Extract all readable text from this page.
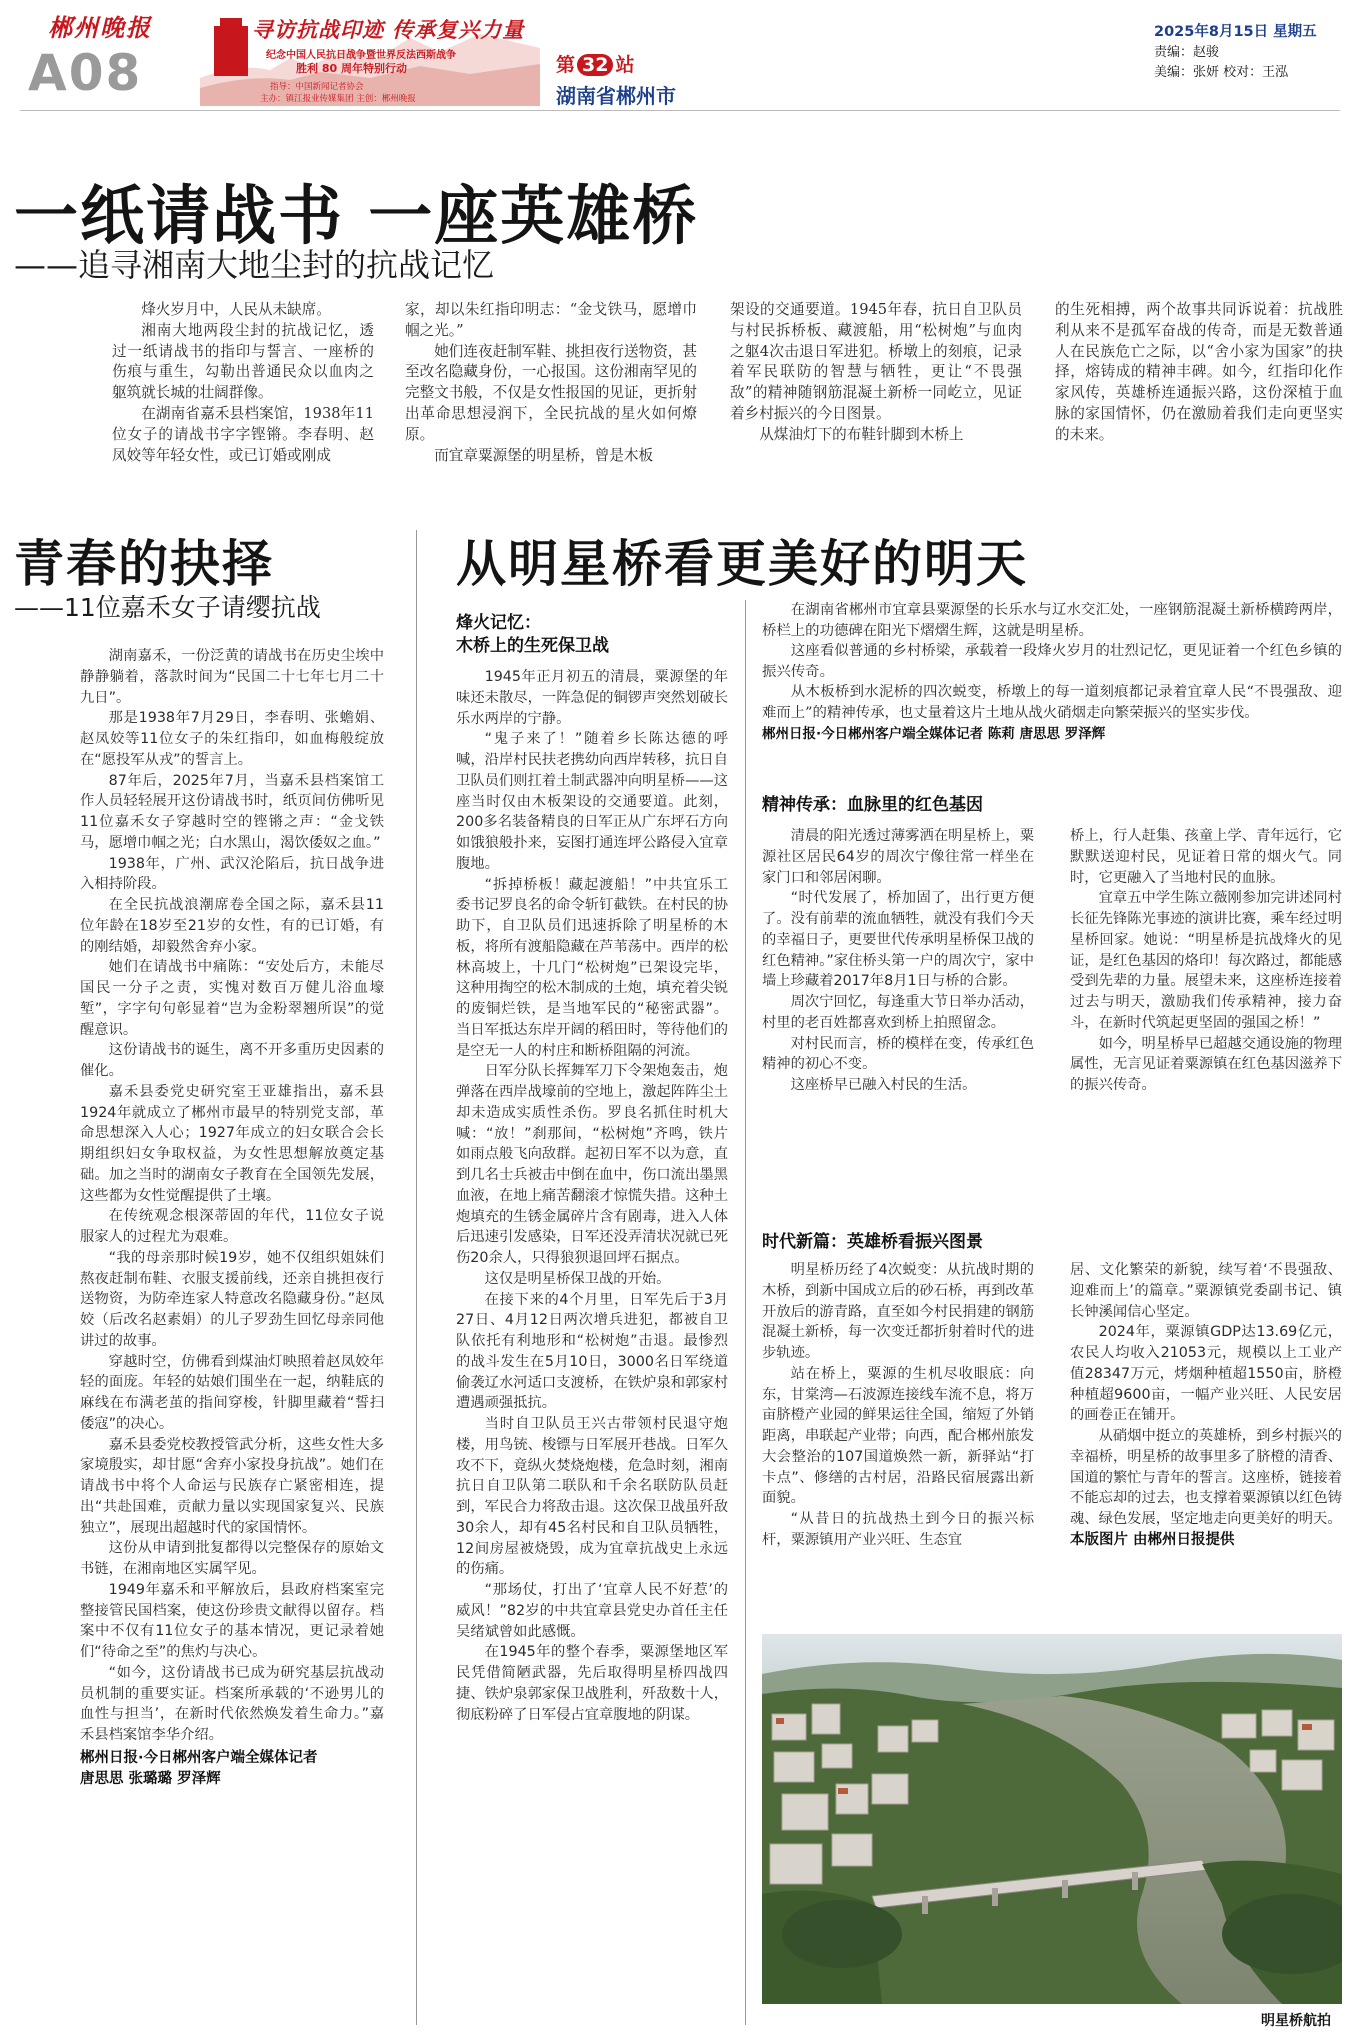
郴州晚报
A08
寻访抗战印迹 传承复兴力量
纪念中国人民抗日战争暨世界反法西斯战争
胜利 80 周年特别行动
指导：中国新闻记者协会
主办：镇江报业传媒集团 主创：郴州晚报
第 32 站
湖南省郴州市
2025年8月15日 星期五
责编：赵骏
美编：张妍 校对：王泓
一纸请战书 一座英雄桥
——追寻湘南大地尘封的抗战记忆

烽火岁月中，人民从未缺席。

湘南大地两段尘封的抗战记忆，透过一纸请战书的指印与誓言、一座桥的伤痕与重生，勾勒出普通民众以血肉之躯筑就长城的壮阔群像。

在湖南省嘉禾县档案馆，1938年11位女子的请战书字字铿锵。李春明、赵凤姣等年轻女性，或已订婚或刚成

家，却以朱红指印明志：“金戈铁马，愿增巾帼之光。”

她们连夜赶制军鞋、挑担夜行送物资，甚至改名隐藏身份，一心报国。这份湘南罕见的完整文书般，不仅是女性报国的见证，更折射出革命思想浸润下，全民抗战的星火如何燎原。

而宜章粟源堡的明星桥，曾是木板

架设的交通要道。1945年春，抗日自卫队员与村民拆桥板、藏渡船，用“松树炮”与血肉之躯4次击退日军进犯。桥墩上的刻痕，记录着军民联防的智慧与牺牲，更让“不畏强敌”的精神随钢筋混凝土新桥一同屹立，见证着乡村振兴的今日图景。

从煤油灯下的布鞋针脚到木桥上

的生死相搏，两个故事共同诉说着：抗战胜利从来不是孤军奋战的传奇，而是无数普通人在民族危亡之际，以“舍小家为国家”的抉择，熔铸成的精神丰碑。如今，红指印化作家风传，英雄桥连通振兴路，这份深植于血脉的家国情怀，仍在激励着我们走向更坚实的未来。

青春的抉择
——11位嘉禾女子请缨抗战

湖南嘉禾，一份泛黄的请战书在历史尘埃中静静躺着，落款时间为“民国二十七年七月二十九日”。

那是1938年7月29日，李春明、张蟾娟、赵凤姣等11位女子的朱红指印，如血梅般绽放在“愿投军从戎”的誓言上。

87年后，2025年7月，当嘉禾县档案馆工作人员轻轻展开这份请战书时，纸页间仿佛听见11位嘉禾女子穿越时空的铿锵之声：“金戈铁马，愿增巾帼之光；白水黑山，渴饮倭奴之血。”

1938年，广州、武汉沦陷后，抗日战争进入相持阶段。

在全民抗战浪潮席卷全国之际，嘉禾县11位年龄在18岁至21岁的女性，有的已订婚，有的刚结婚，却毅然舍弃小家。

她们在请战书中痛陈：“安处后方，未能尽国民一分子之责，实愧对数百万健儿浴血壕堑”，字字句句彰显着“岂为金粉翠翘所误”的觉醒意识。

这份请战书的诞生，离不开多重历史因素的催化。

嘉禾县委党史研究室王亚雄指出，嘉禾县1924年就成立了郴州市最早的特别党支部，革命思想深入人心；1927年成立的妇女联合会长期组织妇女争取权益，为女性思想解放奠定基础。加之当时的湖南女子教育在全国领先发展，这些都为女性觉醒提供了土壤。

在传统观念根深蒂固的年代，11位女子说服家人的过程尤为艰难。

“我的母亲那时候19岁，她不仅组织姐妹们熬夜赶制布鞋、衣服支援前线，还亲自挑担夜行送物资，为防牵连家人特意改名隐藏身份。”赵凤姣（后改名赵素娟）的儿子罗劲生回忆母亲同他讲过的故事。

穿越时空，仿佛看到煤油灯映照着赵凤姣年轻的面庞。年轻的姑娘们围坐在一起，纳鞋底的麻线在布满老茧的指间穿梭，针脚里藏着“誓扫倭寇”的决心。

嘉禾县委党校教授管武分析，这些女性大多家境殷实，却甘愿“舍弃小家投身抗战”。她们在请战书中将个人命运与民族存亡紧密相连，提出“共赴国难，贡献力量以实现国家复兴、民族独立”，展现出超越时代的家国情怀。

这份从申请到批复都得以完整保存的原始文书链，在湘南地区实属罕见。

1949年嘉禾和平解放后，县政府档案室完整接管民国档案，使这份珍贵文献得以留存。档案中不仅有11位女子的基本情况，更记录着她们“待命之至”的焦灼与决心。

“如今，这份请战书已成为研究基层抗战动员机制的重要实证。档案所承载的‘不逊男儿的血性与担当’，在新时代依然焕发着生命力。”嘉禾县档案馆李华介绍。

郴州日报·今日郴州客户端全媒体记者

唐思思 张璐璐 罗泽辉

从明星桥看更美好的明天

在湖南省郴州市宜章县粟源堡的长乐水与辽水交汇处，一座钢筋混凝土新桥横跨两岸，桥栏上的功德碑在阳光下熠熠生辉，这就是明星桥。

这座看似普通的乡村桥梁，承载着一段烽火岁月的壮烈记忆，更见证着一个红色乡镇的振兴传奇。

从木板桥到水泥桥的四次蜕变，桥墩上的每一道刻痕都记录着宜章人民“不畏强敌、迎难而上”的精神传承，也丈量着这片土地从战火硝烟走向繁荣振兴的坚实步伐。

郴州日报·今日郴州客户端全媒体记者 陈莉 唐思思 罗泽辉

烽火记忆：
木桥上的生死保卫战

1945年正月初五的清晨，粟源堡的年味还未散尽，一阵急促的铜锣声突然划破长乐水两岸的宁静。

“鬼子来了！”随着乡长陈达德的呼喊，沿岸村民扶老携幼向西岸转移，抗日自卫队员们则扛着土制武器冲向明星桥——这座当时仅由木板架设的交通要道。此刻，200多名装备精良的日军正从广东坪石方向如饿狼般扑来，妄图打通连坪公路侵入宜章腹地。

“拆掉桥板！藏起渡船！”中共宜乐工委书记罗良名的命令斩钉截铁。在村民的协助下，自卫队员们迅速拆除了明星桥的木板，将所有渡船隐藏在芦苇荡中。西岸的松林高坡上，十几门“松树炮”已架设完毕，这种用掏空的松木制成的土炮，填充着尖锐的废铜烂铁，是当地军民的“秘密武器”。当日军抵达东岸开阔的稻田时，等待他们的是空无一人的村庄和断桥阻隔的河流。

日军分队长挥舞军刀下令架炮轰击，炮弹落在西岸战壕前的空地上，激起阵阵尘土却未造成实质性杀伤。罗良名抓住时机大喊：“放！”刹那间，“松树炮”齐鸣，铁片如雨点般飞向敌群。起初日军不以为意，直到几名士兵被击中倒在血中，伤口流出墨黑血液，在地上痛苦翻滚才惊慌失措。这种土炮填充的生锈金属碎片含有剧毒，进入人体后迅速引发感染，日军还没弄清状况就已死伤20余人，只得狼狈退回坪石据点。

这仅是明星桥保卫战的开始。

在接下来的4个月里，日军先后于3月27日、4月12日两次增兵进犯，都被自卫队依托有利地形和“松树炮”击退。最惨烈的战斗发生在5月10日，3000名日军绕道偷袭辽水河适口支渡桥，在铁炉泉和郭家村遭遇顽强抵抗。

当时自卫队员王兴古带领村民退守炮楼，用鸟铳、梭镖与日军展开巷战。日军久攻不下，竟纵火焚烧炮楼，危急时刻，湘南抗日自卫队第二联队和千余名联防队员赶到，军民合力将敌击退。这次保卫战虽歼敌30余人，却有45名村民和自卫队员牺牲，12间房屋被烧毁，成为宜章抗战史上永远的伤痛。

“那场仗，打出了‘宜章人民不好惹’的威风！”82岁的中共宜章县党史办首任主任吴绪斌曾如此感慨。

在1945年的整个春季，粟源堡地区军民凭借简陋武器，先后取得明星桥四战四捷、铁炉泉郭家保卫战胜利，歼敌数十人，彻底粉碎了日军侵占宜章腹地的阴谋。

精神传承：血脉里的红色基因

清晨的阳光透过薄雾洒在明星桥上，粟源社区居民64岁的周次宁像往常一样坐在家门口和邻居闲聊。

“时代发展了，桥加固了，出行更方便了。没有前辈的流血牺牲，就没有我们今天的幸福日子，更要世代传承明星桥保卫战的红色精神。”家住桥头第一户的周次宁，家中墙上珍藏着2017年8月1日与桥的合影。

周次宁回忆，每逢重大节日举办活动，村里的老百姓都喜欢到桥上拍照留念。

对村民而言，桥的模样在变，传承红色精神的初心不变。

这座桥早已融入村民的生活。

桥上，行人赶集、孩童上学、青年远行，它默默送迎村民，见证着日常的烟火气。同时，它更融入了当地村民的血脉。

宜章五中学生陈立薇刚参加完讲述同村长征先锋陈光事迹的演讲比赛，乘车经过明星桥回家。她说：“明星桥是抗战烽火的见证，是红色基因的烙印！每次路过，都能感受到先辈的力量。展望未来，这座桥连接着过去与明天，激励我们传承精神，接力奋斗，在新时代筑起更坚固的强国之桥！”

如今，明星桥早已超越交通设施的物理属性，无言见证着粟源镇在红色基因滋养下的振兴传奇。

时代新篇：英雄桥看振兴图景

明星桥历经了4次蜕变：从抗战时期的木桥，到新中国成立后的砂石桥，再到改革开放后的游青路，直至如今村民捐建的钢筋混凝土新桥，每一次变迁都折射着时代的进步轨迹。

站在桥上，粟源的生机尽收眼底：向东，甘棠湾—石波源连接线车流不息，将万亩脐橙产业园的鲜果运往全国，缩短了外销距离，串联起产业带；向西，配合郴州旅发大会整治的107国道焕然一新，新驿站“打卡点”、修缮的古村居，沿路民宿展露出新面貌。

“从昔日的抗战热土到今日的振兴标杆，粟源镇用产业兴旺、生态宜

居、文化繁荣的新貌，续写着‘不畏强敌、迎难而上’的篇章。”粟源镇党委副书记、镇长钟溪闻信心坚定。

2024年，粟源镇GDP达13.69亿元，农民人均收入21053元，规模以上工业产值28347万元，烤烟种植超1550亩，脐橙种植超9600亩，一幅产业兴旺、人民安居的画卷正在铺开。

从硝烟中挺立的英雄桥，到乡村振兴的幸福桥，明星桥的故事里多了脐橙的清香、国道的繁忙与青年的誓言。这座桥，链接着不能忘却的过去，也支撑着粟源镇以红色铸魂、绿色发展，坚定地走向更美好的明天。

本版图片 由郴州日报提供

明星桥航拍
